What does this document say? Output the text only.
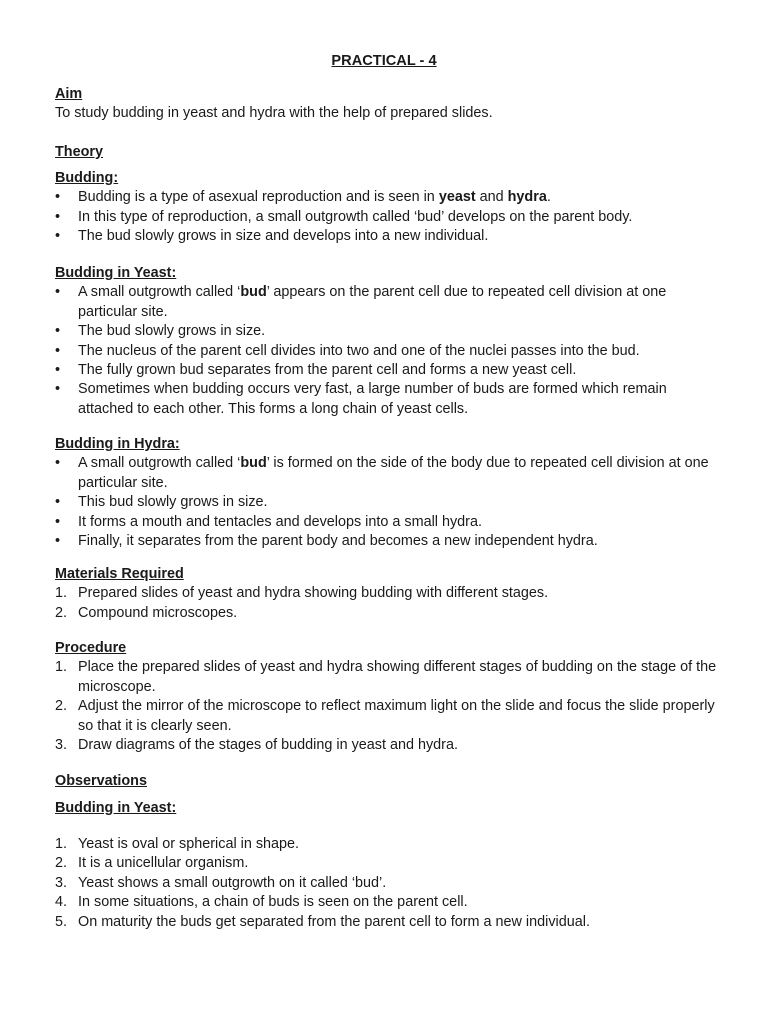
PRACTICAL - 4
Aim
To study budding in yeast and hydra with the help of prepared slides.
Theory
Budding:
• Budding is a type of asexual reproduction and is seen in yeast and hydra.
• In this type of reproduction, a small outgrowth called ‘bud’ develops on the parent body.
• The bud slowly grows in size and develops into a new individual.
Budding in Yeast:
• A small outgrowth called ‘bud’ appears on the parent cell due to repeated cell division at one particular site.
• The bud slowly grows in size.
• The nucleus of the parent cell divides into two and one of the nuclei passes into the bud.
• The fully grown bud separates from the parent cell and forms a new yeast cell.
• Sometimes when budding occurs very fast, a large number of buds are formed which remain attached to each other. This forms a long chain of yeast cells.
Budding in Hydra:
• A small outgrowth called ‘bud’ is formed on the side of the body due to repeated cell division at one particular site.
• This bud slowly grows in size.
• It forms a mouth and tentacles and develops into a small hydra.
• Finally, it separates from the parent body and becomes a new independent hydra.
Materials Required
1. Prepared slides of yeast and hydra showing budding with different stages.
2. Compound microscopes.
Procedure
1. Place the prepared slides of yeast and hydra showing different stages of budding on the stage of the microscope.
2. Adjust the mirror of the microscope to reflect maximum light on the slide and focus the slide properly so that it is clearly seen.
3. Draw diagrams of the stages of budding in yeast and hydra.
Observations
Budding in Yeast:
1. Yeast is oval or spherical in shape.
2. It is a unicellular organism.
3. Yeast shows a small outgrowth on it called ‘bud’.
4. In some situations, a chain of buds is seen on the parent cell.
5. On maturity the buds get separated from the parent cell to form a new individual.
